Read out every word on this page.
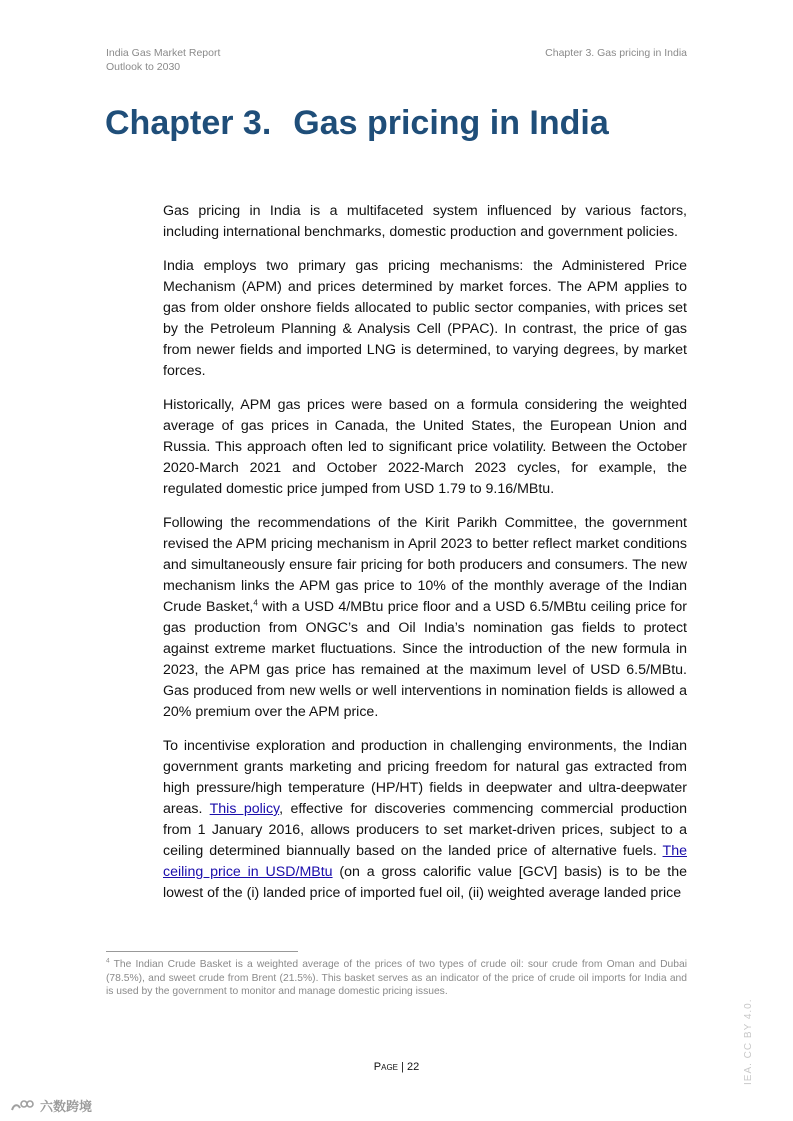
India Gas Market Report
Outlook to 2030
Chapter 3. Gas pricing in India
Chapter 3. Gas pricing in India

Gas pricing in India is a multifaceted system influenced by various factors, including international benchmarks, domestic production and government policies.

India employs two primary gas pricing mechanisms: the Administered Price Mechanism (APM) and prices determined by market forces. The APM applies to gas from older onshore fields allocated to public sector companies, with prices set by the Petroleum Planning & Analysis Cell (PPAC). In contrast, the price of gas from newer fields and imported LNG is determined, to varying degrees, by market forces.

Historically, APM gas prices were based on a formula considering the weighted average of gas prices in Canada, the United States, the European Union and Russia. This approach often led to significant price volatility. Between the October 2020-March 2021 and October 2022-March 2023 cycles, for example, the regulated domestic price jumped from USD 1.79 to 9.16/MBtu.

Following the recommendations of the Kirit Parikh Committee, the government revised the APM pricing mechanism in April 2023 to better reflect market conditions and simultaneously ensure fair pricing for both producers and consumers. The new mechanism links the APM gas price to 10% of the monthly average of the Indian Crude Basket,$^4$ with a USD 4/MBtu price floor and a USD 6.5/MBtu ceiling price for gas production from ONGC’s and Oil India’s nomination gas fields to protect against extreme market fluctuations. Since the introduction of the new formula in 2023, the APM gas price has remained at the maximum level of USD 6.5/MBtu. Gas produced from new wells or well interventions in nomination fields is allowed a 20% premium over the APM price.

To incentivise exploration and production in challenging environments, the Indian government grants marketing and pricing freedom for natural gas extracted from high pressure/high temperature (HP/HT) fields in deepwater and ultra-deepwater areas. This policy, effective for discoveries commencing commercial production from 1 January 2016, allows producers to set market-driven prices, subject to a ceiling determined biannually based on the landed price of alternative fuels. The ceiling price in USD/MBtu (on a gross calorific value [GCV] basis) is to be the lowest of the (i) landed price of imported fuel oil, (ii) weighted average landed price

$^4$ The Indian Crude Basket is a weighted average of the prices of two types of crude oil: sour crude from Oman and Dubai (78.5%), and sweet crude from Brent (21.5%). This basket serves as an indicator of the price of crude oil imports for India and is used by the government to monitor and manage domestic pricing issues.

Page | 22	IEA. CC BY 4.0.
六数跨境
